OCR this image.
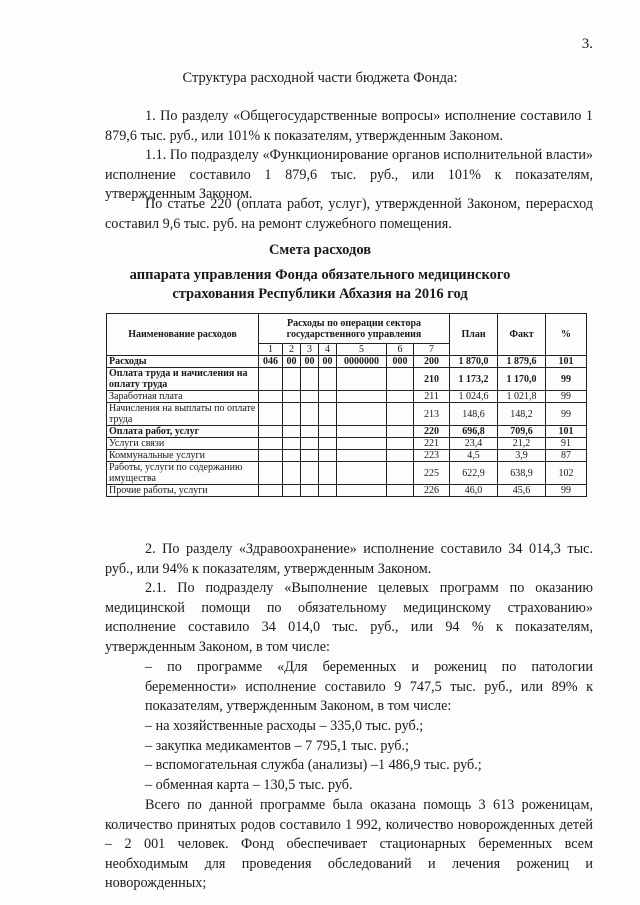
3.
Структура расходной части бюджета Фонда:
1. По разделу «Общегосударственные вопросы» исполнение составило 1 879,6 тыс. руб., или 101% к показателям, утвержденным Законом.
1.1. По подразделу «Функционирование органов исполнительной власти» исполнение составило 1 879,6 тыс. руб., или 101% к показателям, утвержденным Законом.
По статье 220 (оплата работ, услуг), утвержденной Законом, перерасход составил 9,6 тыс. руб. на ремонт служебного помещения.
Смета расходов
аппарата управления Фонда обязательного медицинского
страхования Республики Абхазия на 2016 год
Наименование расходов	Расходы по операции сектора государственного управления							План	Факт	%
	1	2	3	4	5	6	7			
Расходы	046	00	00	00	0000000	000	200	1 870,0	1 879,6	101
Оплата труда и начисления на оплату труда							210	1 173,2	1 170,0	99
Заработная плата							211	1 024,6	1 021,8	99
Начисления на выплаты по оплате труда							213	148,6	148,2	99
Оплата работ, услуг							220	696,8	709,6	101
Услуги связи							221	23,4	21,2	91
Коммунальные услуги							223	4,5	3,9	87
Работы, услуги по содержанию имущества							225	622,9	638,9	102
Прочие работы, услуги							226	46,0	45,6	99
2. По разделу «Здравоохранение» исполнение составило 34 014,3 тыс. руб., или 94% к показателям, утвержденным Законом.
2.1. По подразделу «Выполнение целевых программ по оказанию медицинской помощи по обязательному медицинскому страхованию» исполнение составило 34 014,0 тыс. руб., или 94 % к показателям, утвержденным Законом, в том числе:
– по программе «Для беременных и рожениц по патологии беременности» исполнение составило 9 747,5 тыс. руб., или 89% к показателям, утвержденным Законом, в том числе:
– на хозяйственные расходы – 335,0 тыс. руб.;
– закупка медикаментов – 7 795,1 тыс. руб.;
– вспомогательная служба (анализы) –1 486,9 тыс. руб.;
– обменная карта – 130,5 тыс. руб.
Всего по данной программе была оказана помощь 3 613 роженицам, количество принятых родов составило 1 992, количество новорожденных детей – 2 001 человек. Фонд обеспечивает стационарных беременных всем необходимым для проведения обследований и лечения рожениц и новорожденных;
